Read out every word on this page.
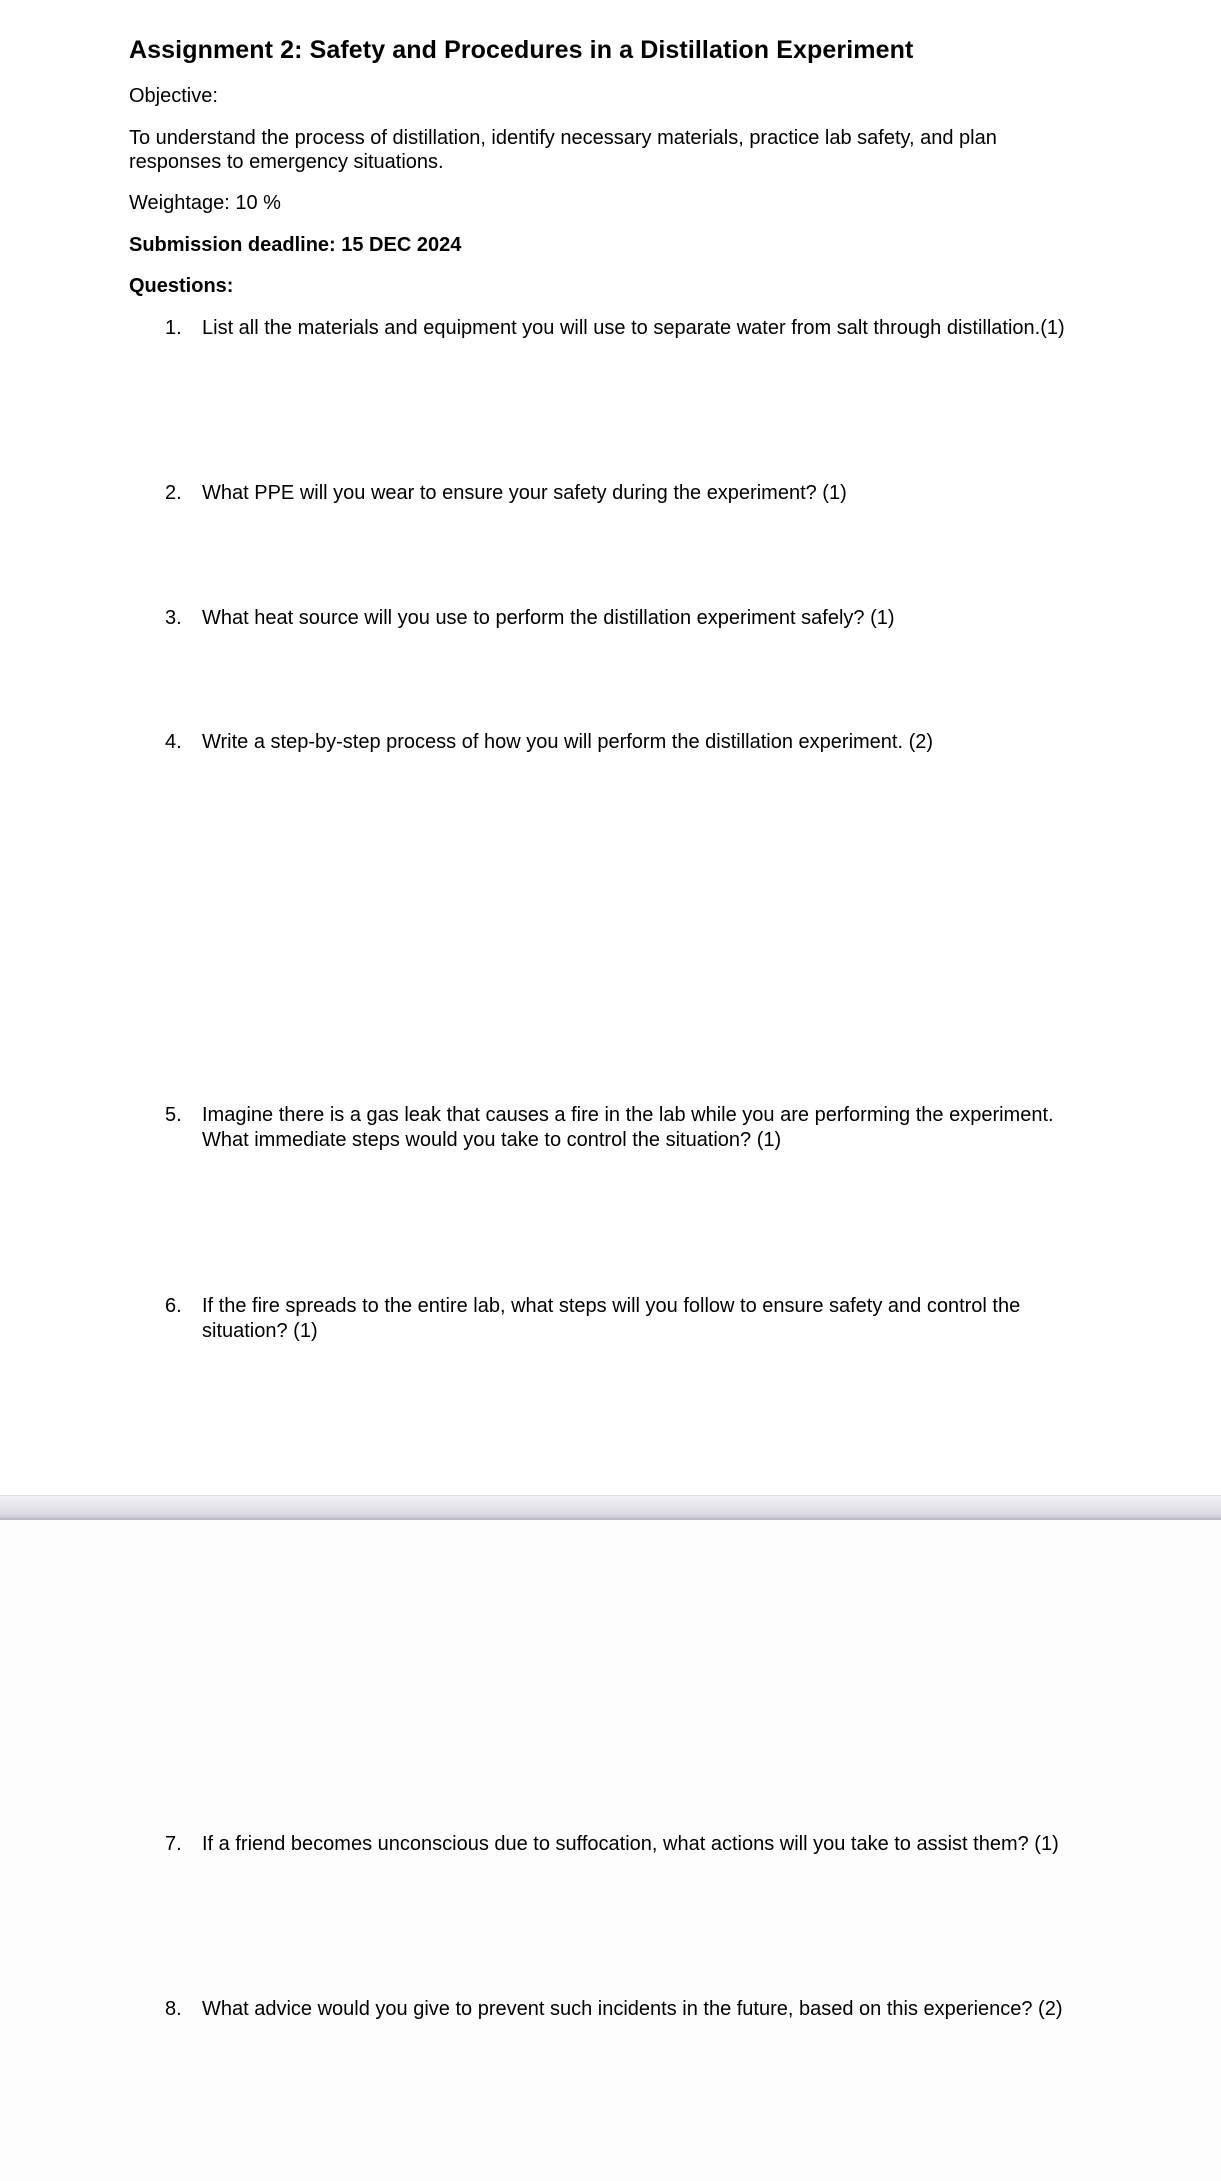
Assignment 2: Safety and Procedures in a Distillation Experiment
Objective:
To understand the process of distillation, identify necessary materials, practice lab safety, and plan
responses to emergency situations.
Weightage: 10 %
Submission deadline: 15 DEC 2024
Questions:
1. List all the materials and equipment you will use to separate water from salt through distillation.(1)
2. What PPE will you wear to ensure your safety during the experiment? (1)
3. What heat source will you use to perform the distillation experiment safely? (1)
4. Write a step-by-step process of how you will perform the distillation experiment. (2)
5. Imagine there is a gas leak that causes a fire in the lab while you are performing the experiment.
What immediate steps would you take to control the situation? (1)
6. If the fire spreads to the entire lab, what steps will you follow to ensure safety and control the
situation? (1)
7. If a friend becomes unconscious due to suffocation, what actions will you take to assist them? (1)
8. What advice would you give to prevent such incidents in the future, based on this experience? (2)
